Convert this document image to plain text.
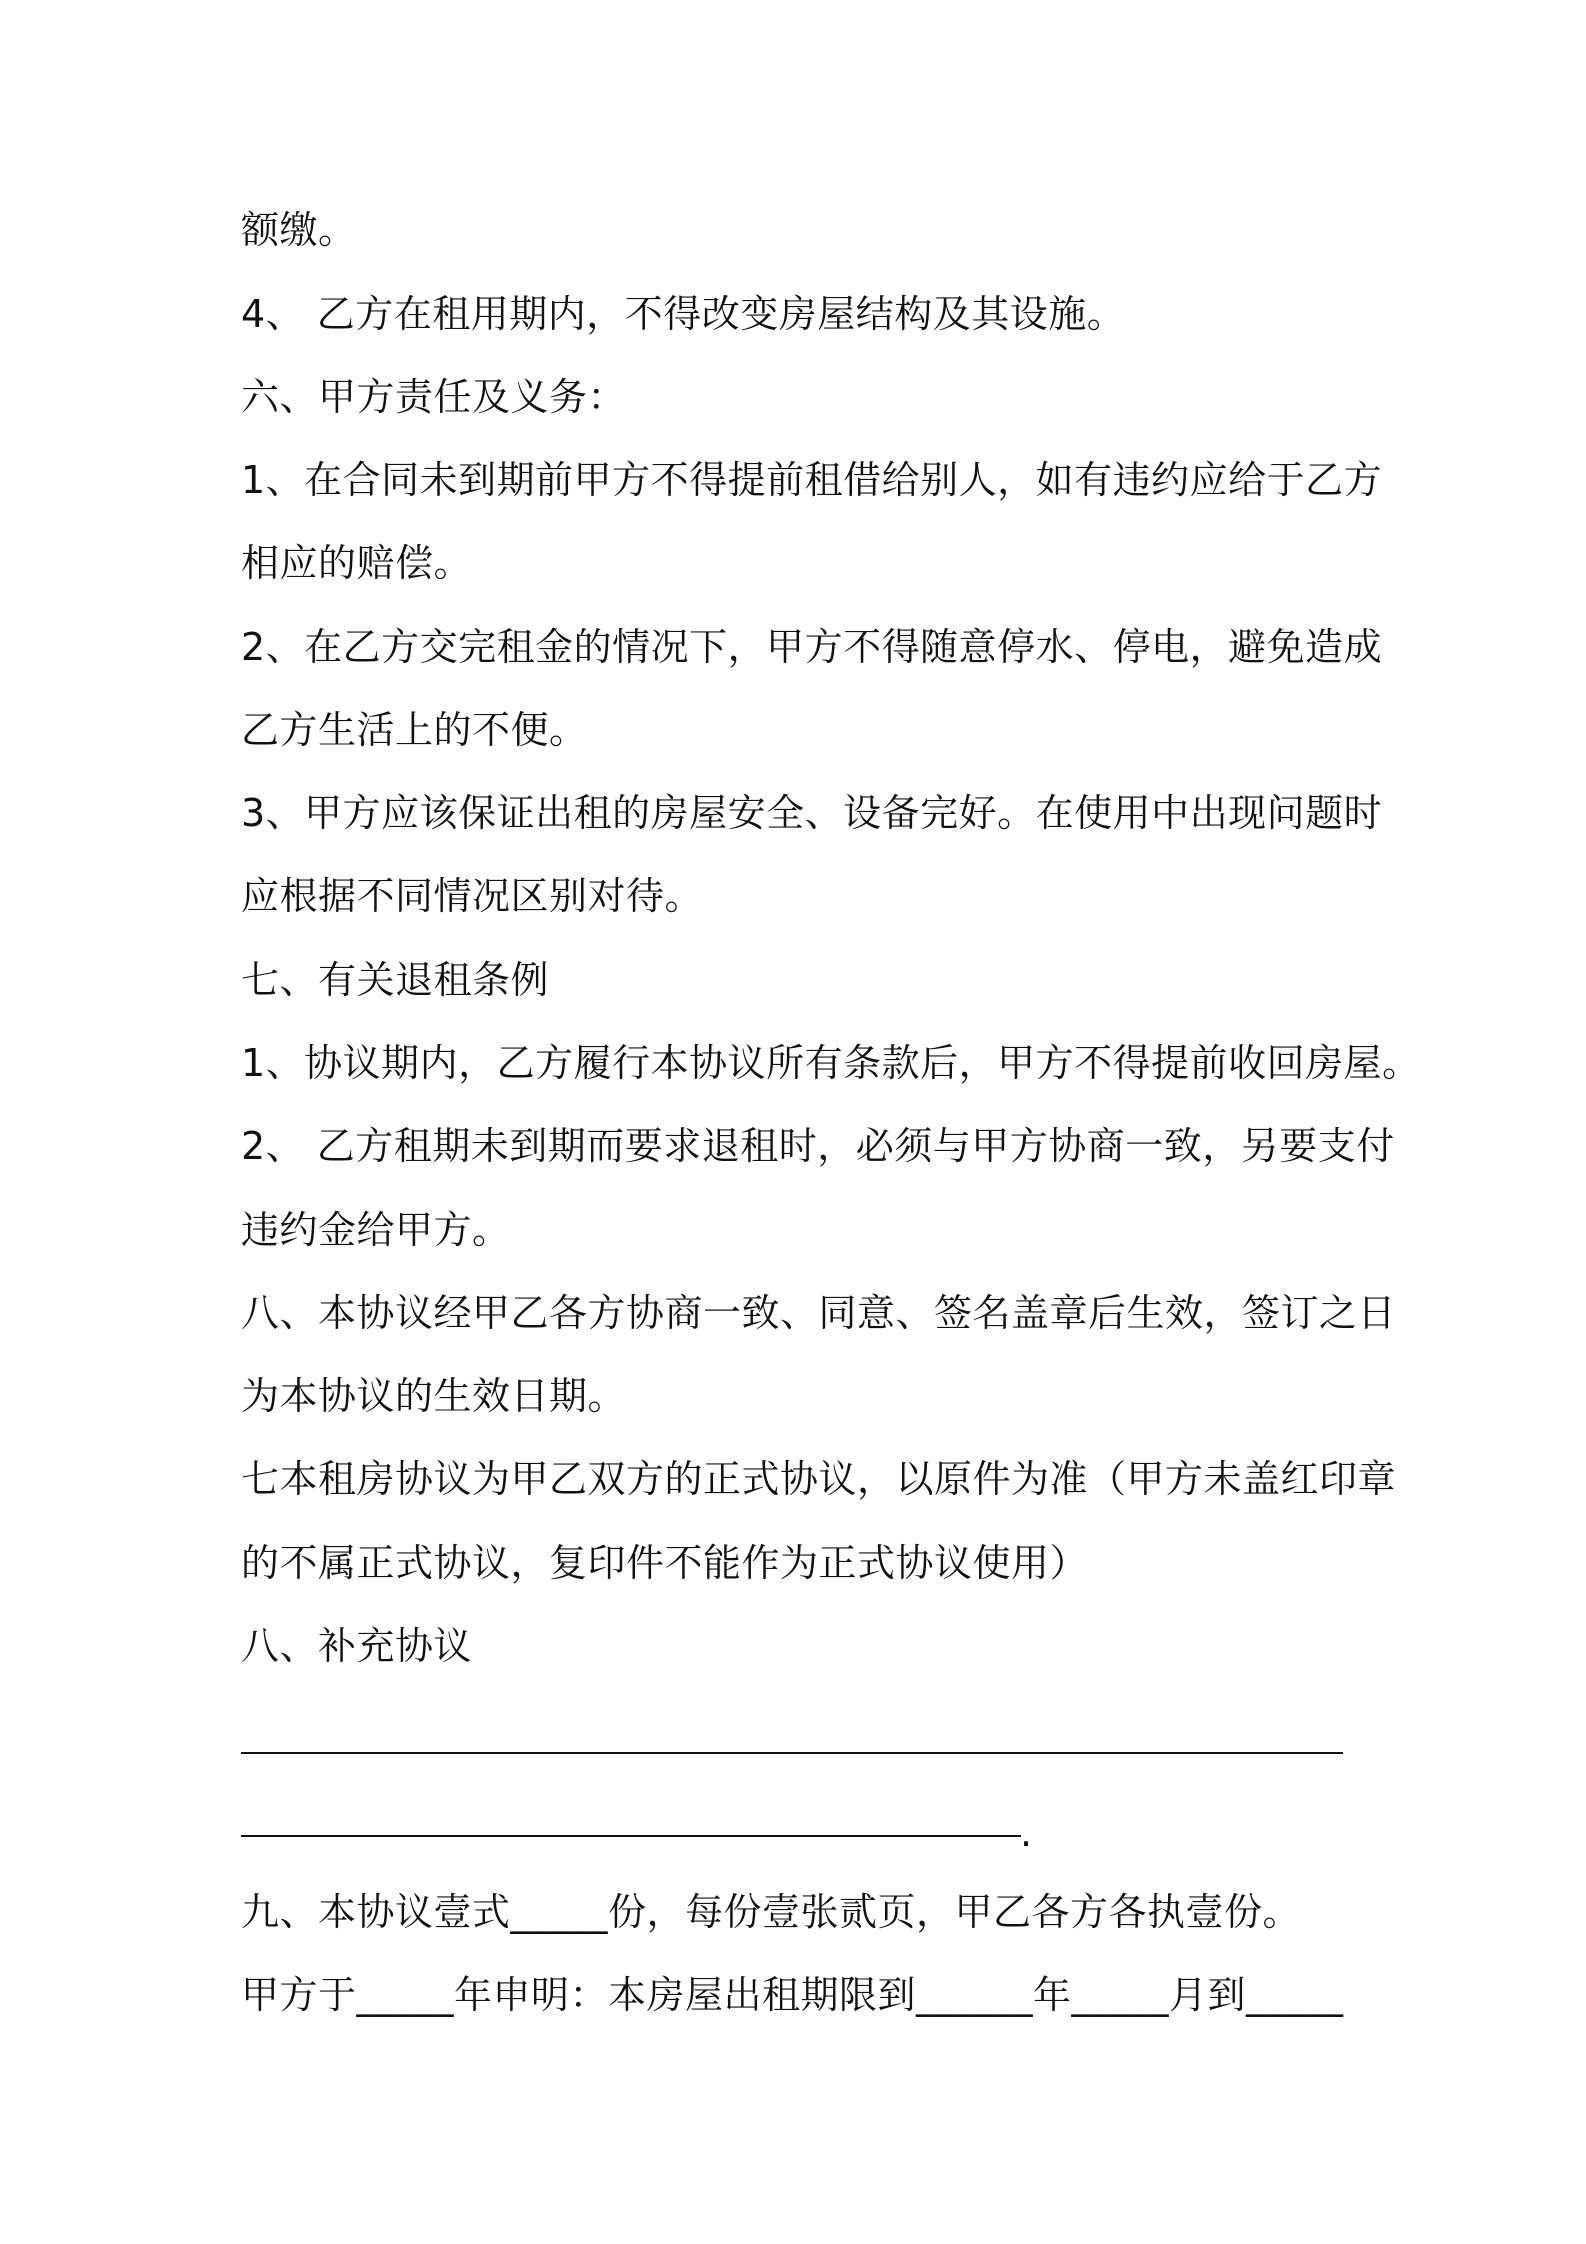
额缴。
4、 乙方在租用期内，不得改变房屋结构及其设施。
六、甲方责任及义务：
1、在合同未到期前甲方不得提前租借给别人，如有违约应给于乙方
相应的赔偿。
2、在乙方交完租金的情况下，甲方不得随意停水、停电，避免造成
乙方生活上的不便。
3、甲方应该保证出租的房屋安全、设备完好。在使用中出现问题时
应根据不同情况区别对待。
七、有关退租条例
1、协议期内，乙方履行本协议所有条款后，甲方不得提前收回房屋。
2、 乙方租期未到期而要求退租时，必须与甲方协商一致，另要支付
违约金给甲方。
八、本协议经甲乙各方协商一致、同意、签名盖章后生效，签订之日
为本协议的生效日期。
七本租房协议为甲乙双方的正式协议，以原件为准（甲方未盖红印章
的不属正式协议，复印件不能作为正式协议使用）
八、补充协议
.
九、本协议壹式_____份，每份壹张贰页，甲乙各方各执壹份。
甲方于_____年申明：本房屋出租期限到______年_____月到_____
